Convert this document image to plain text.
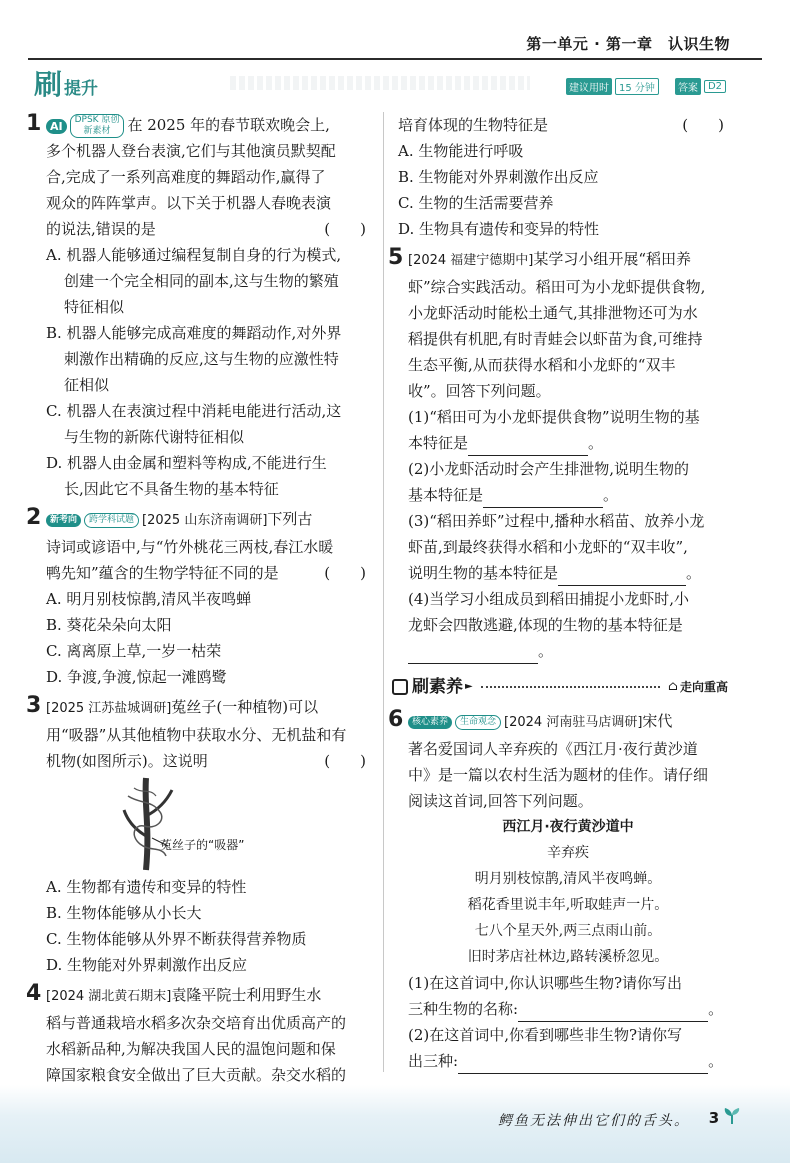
第一单元 · 第一章　认识生物
刷 提升	建议用时	15 分钟	答案	D2
1 AI DPSK 原创
新素材 在 2025 年的春节联欢晚会上,
多个机器人登台表演,它们与其他演员默契配
合,完成了一系列高难度的舞蹈动作,赢得了
观众的阵阵掌声。以下关于机器人春晚表演
的说法,错误的是	(　　)
A. 机器人能够通过编程复制自身的行为模式,
创建一个完全相同的副本,这与生物的繁殖
特征相似
B. 机器人能够完成高难度的舞蹈动作,对外界
刺激作出精确的反应,这与生物的应激性特
征相似
C. 机器人在表演过程中消耗电能进行活动,这
与生物的新陈代谢特征相似
D. 机器人由金属和塑料等构成,不能进行生
长,因此它不具备生物的基本特征
2 新考向 跨学科试题 [2025 山东济南调研]下列古
诗词或谚语中,与“竹外桃花三两枝,春江水暖
鸭先知”蕴含的生物学特征不同的是	(　　)
A. 明月别枝惊鹊,清风半夜鸣蝉
B. 葵花朵朵向太阳
C. 离离原上草,一岁一枯荣
D. 争渡,争渡,惊起一滩鸥鹭
3 [2025 江苏盐城调研]菟丝子(一种植物)可以
用“吸器”从其他植物中获取水分、无机盐和有
机物(如图所示)。这说明	(　　)
菟丝子的“吸器”
A. 生物都有遗传和变异的特性
B. 生物体能够从小长大
C. 生物体能够从外界不断获得营养物质
D. 生物能对外界刺激作出反应
4 [2024 湖北黄石期末]袁隆平院士利用野生水
稻与普通栽培水稻多次杂交培育出优质高产的
水稻新品种,为解决我国人民的温饱问题和保
障国家粮食安全做出了巨大贡献。杂交水稻的
培育体现的生物特征是	(　　)
A. 生物能进行呼吸
B. 生物能对外界刺激作出反应
C. 生物的生活需要营养
D. 生物具有遗传和变异的特性
5 [2024 福建宁德期中]某学习小组开展“稻田养
虾”综合实践活动。稻田可为小龙虾提供食物,
小龙虾活动时能松土通气,其排泄物还可为水
稻提供有机肥,有时青蛙会以虾苗为食,可维持
生态平衡,从而获得水稻和小龙虾的“双丰
收”。回答下列问题。
(1)“稻田可为小龙虾提供食物”说明生物的基
本特征是	。
(2)小龙虾活动时会产生排泄物,说明生物的
基本特征是	。
(3)“稻田养虾”过程中,播种水稻苗、放养小龙
虾苗,到最终获得水稻和小龙虾的“双丰收”,
说明生物的基本特征是	。
(4)当学习小组成员到稻田捕捉小龙虾时,小
龙虾会四散逃避,体现的生物的基本特征是
。
刷素养 ►	⌂ 走向重高
6 核心素养 生命观念 [2024 河南驻马店调研]宋代
著名爱国词人辛弃疾的《西江月·夜行黄沙道
中》是一篇以农村生活为题材的佳作。请仔细
阅读这首词,回答下列问题。
西江月·夜行黄沙道中
辛弃疾
明月别枝惊鹊,清风半夜鸣蝉。
稻花香里说丰年,听取蛙声一片。
七八个星天外,两三点雨山前。
旧时茅店社林边,路转溪桥忽见。
(1)在这首词中,你认识哪些生物?请你写出
三种生物的名称:	。
(2)在这首词中,你看到哪些非生物?请你写
出三种:	。
鳄鱼无法伸出它们的舌头。	3
